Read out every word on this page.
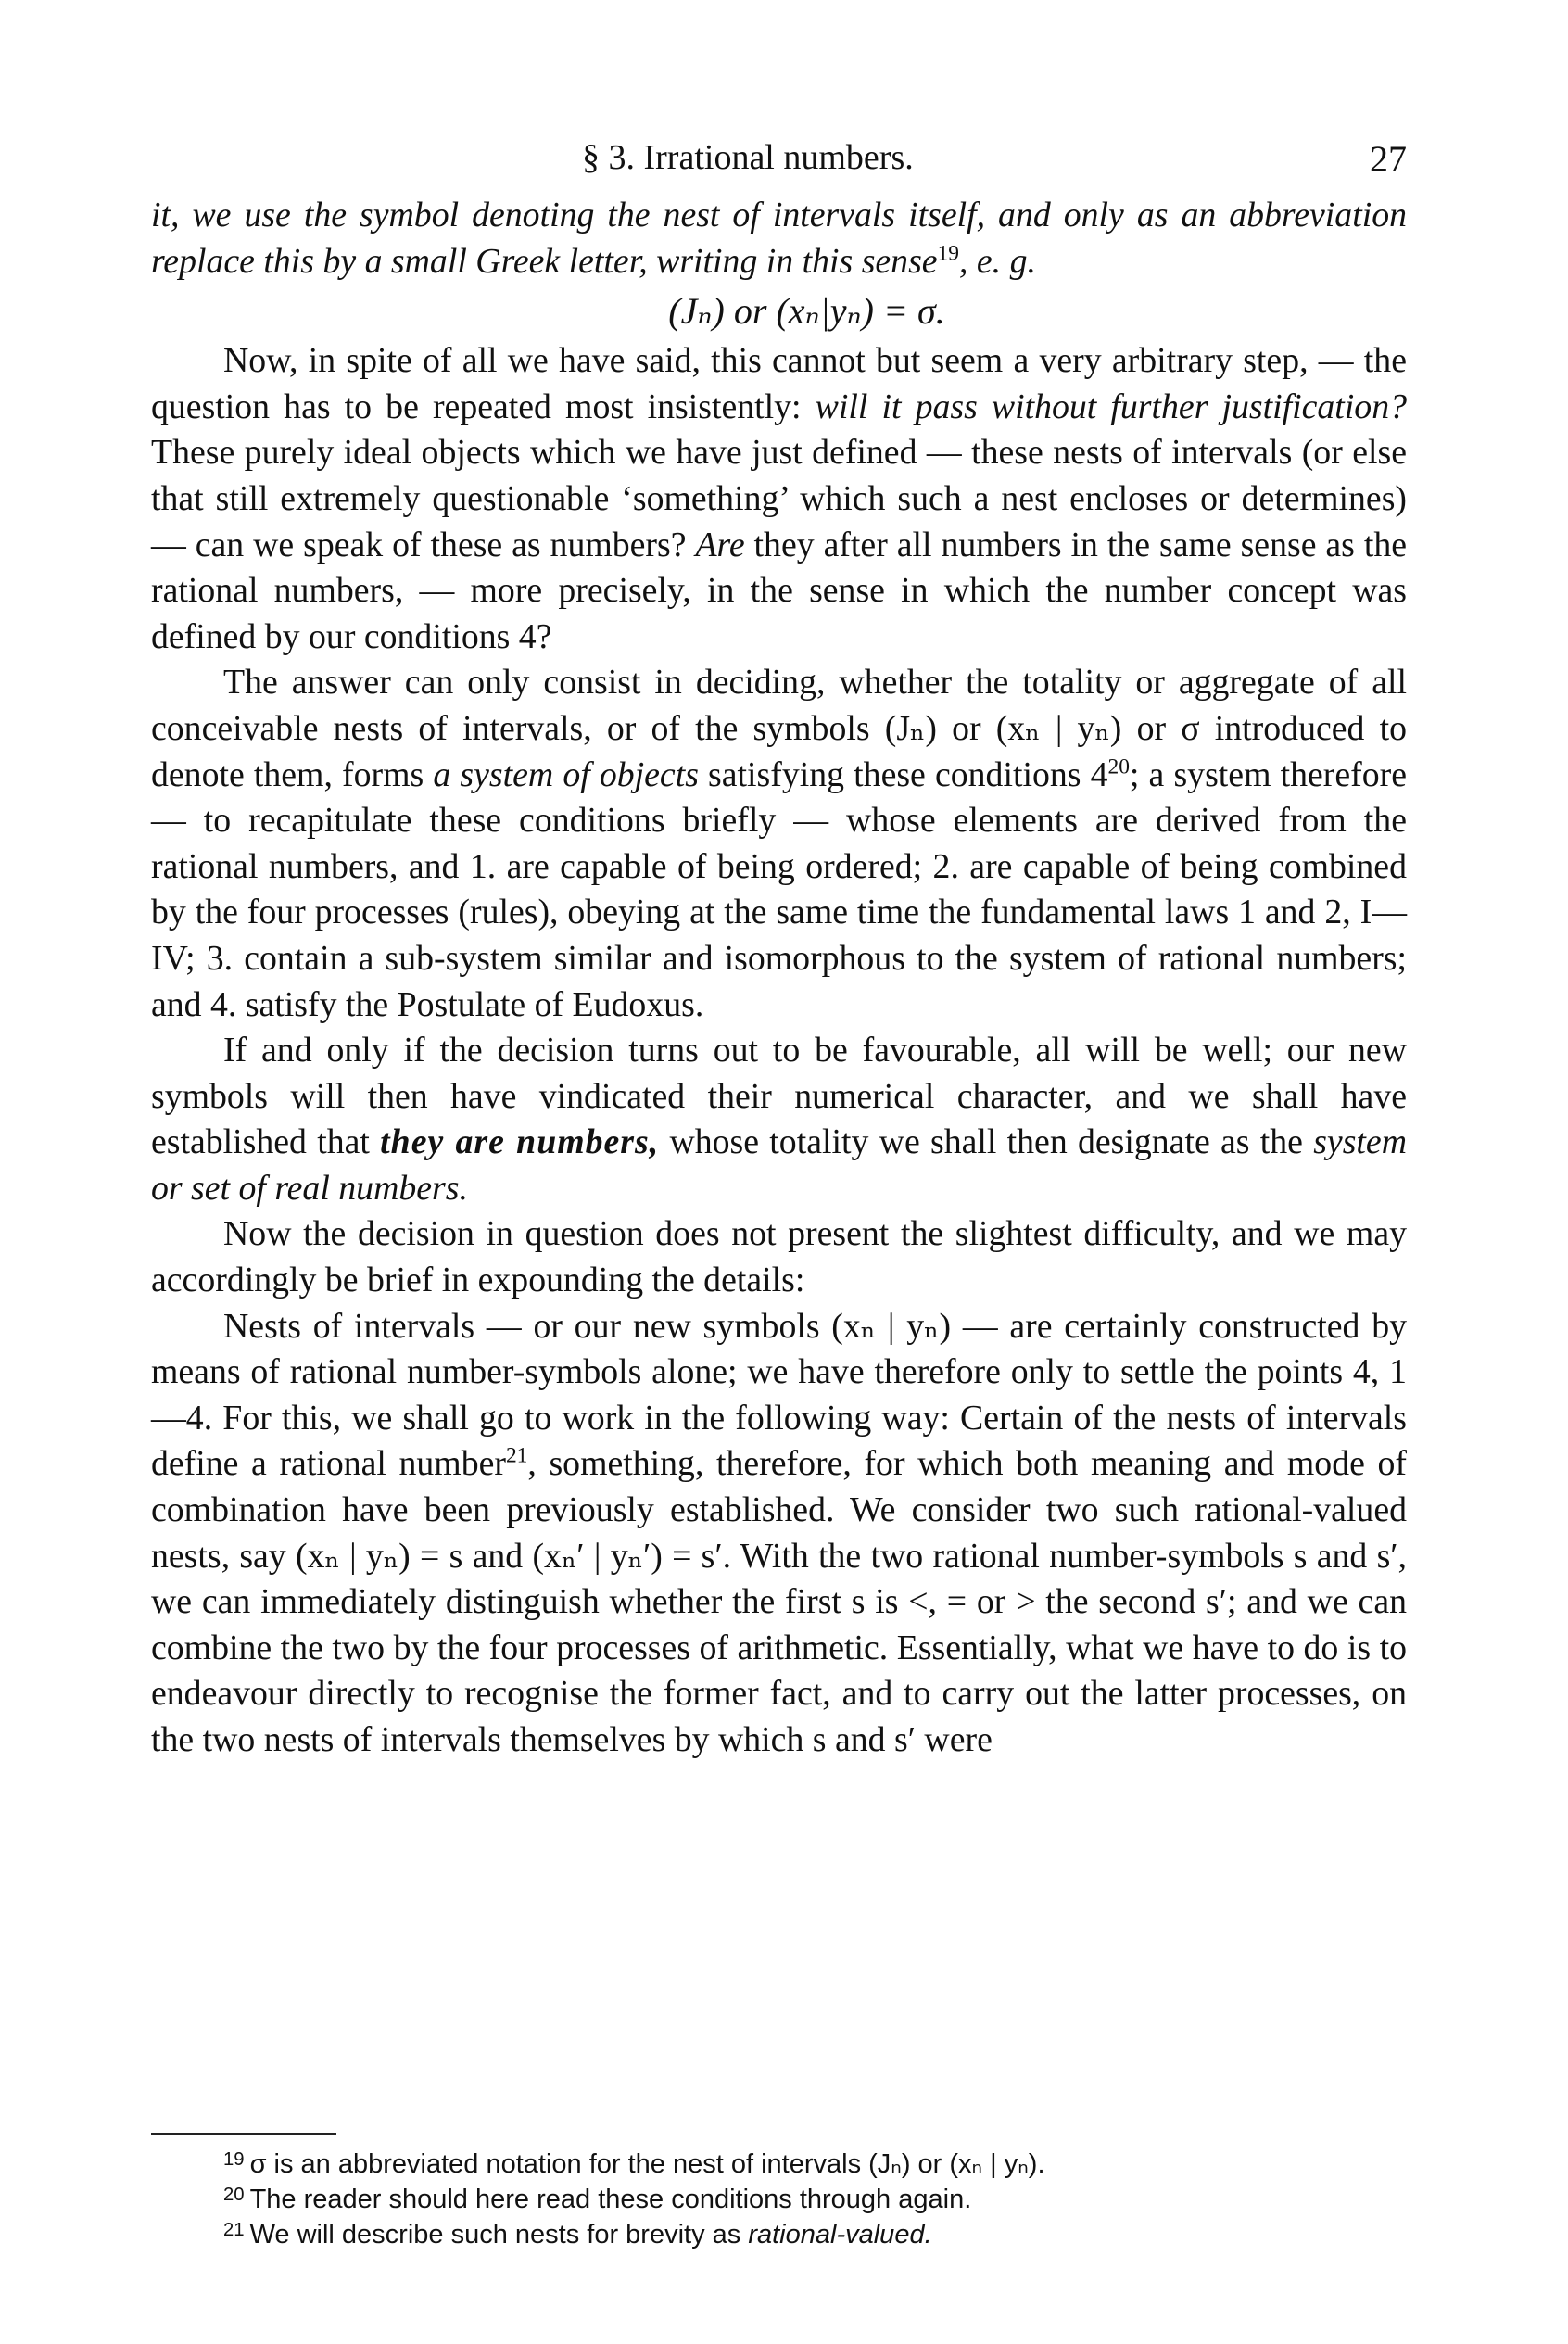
§ 3. Irrational numbers.	27

it, we use the symbol denoting the nest of intervals itself, and only as an abbreviation replace this by a small Greek letter, writing in this sense$^{19}$, e. g.

(Jₙ) or (xₙ|yₙ) = σ.

Now, in spite of all we have said, this cannot but seem a very arbitrary step, — the question has to be repeated most insistently: will it pass without further justification? These purely ideal objects which we have just defined — these nests of intervals (or else that still extremely questionable ‘something’ which such a nest encloses or determines) — can we speak of these as numbers? Are they after all numbers in the same sense as the rational numbers, — more precisely, in the sense in which the number concept was defined by our conditions 4?

The answer can only consist in deciding, whether the totality or aggregate of all conceivable nests of intervals, or of the symbols (Jₙ) or (xₙ | yₙ) or σ introduced to denote them, forms a system of objects satisfying these conditions $4^{20}$; a system therefore — to recapitulate these conditions briefly — whose elements are derived from the rational numbers, and 1. are capable of being ordered; 2. are capable of being combined by the four processes (rules), obeying at the same time the fundamental laws 1 and 2, I—IV; 3. contain a sub-system similar and isomorphous to the system of rational numbers; and 4. satisfy the Postulate of Eudoxus.

If and only if the decision turns out to be favourable, all will be well; our new symbols will then have vindicated their numerical character, and we shall have established that they are numbers, whose totality we shall then designate as the system or set of real numbers.

Now the decision in question does not present the slightest difficulty, and we may accordingly be brief in expounding the details:

Nests of intervals — or our new symbols (xₙ | yₙ) — are certainly constructed by means of rational number-symbols alone; we have therefore only to settle the points 4, 1—4. For this, we shall go to work in the following way: Certain of the nests of intervals define a rational number$^{21}$, something, therefore, for which both meaning and mode of combination have been previously established. We consider two such rational-valued nests, say (xₙ | yₙ) = s and (xₙ′ | yₙ′) = s′. With the two rational number-symbols s and s′, we can immediately distinguish whether the first s is <, = or > the second s′; and we can combine the two by the four processes of arithmetic. Essentially, what we have to do is to endeavour directly to recognise the former fact, and to carry out the latter processes, on the two nests of intervals themselves by which s and s′ were

$^{19}$ σ is an abbreviated notation for the nest of intervals (Jₙ) or (xₙ | yₙ).

$^{20}$ The reader should here read these conditions through again.

$^{21}$ We will describe such nests for brevity as rational-valued.
